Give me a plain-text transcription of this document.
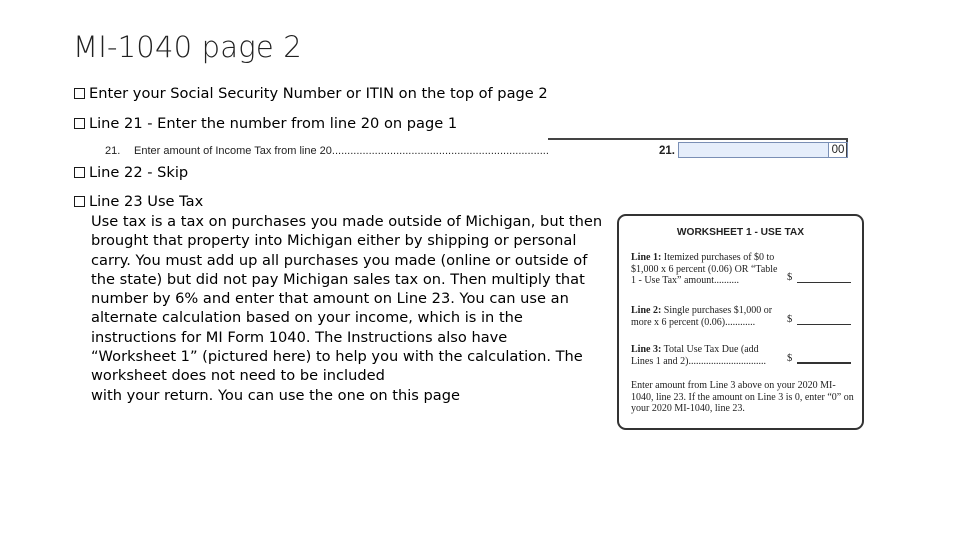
MI-1040 page 2
Enter your Social Security Number or ITIN on the top of page 2
Line 21 - Enter the number from line 20 on page 1
21. Enter amount of Income Tax from line 20.......................................................................	21.	00
Line 22 - Skip
Line 23 Use Tax
Use tax is a tax on purchases you made outside of Michigan, but then
brought that property into Michigan either by shipping or personal
carry. You must add up all purchases you made (online or outside of
the state) but did not pay Michigan sales tax on. Then multiply that
number by 6% and enter that amount on Line 23. You can use an
alternate calculation based on your income, which is in the
instructions for MI Form 1040. The Instructions also have
“Worksheet 1” (pictured here) to help you with the calculation. The
worksheet does not need to be included
with your return. You can use the one on this page
WORKSHEET 1 - USE TAX
Line 1: Itemized purchases of $0 to $1,000 x 6 percent (0.06) OR “Table 1 - Use Tax” amount..........	$
Line 2: Single purchases $1,000 or more x 6 percent (0.06)............	$
Line 3: Total Use Tax Due (add Lines 1 and 2)...............................	$
Enter amount from Line 3 above on your 2020 MI-1040, line 23. If the amount on Line 3 is 0, enter “0” on your 2020 MI-1040, line 23.
